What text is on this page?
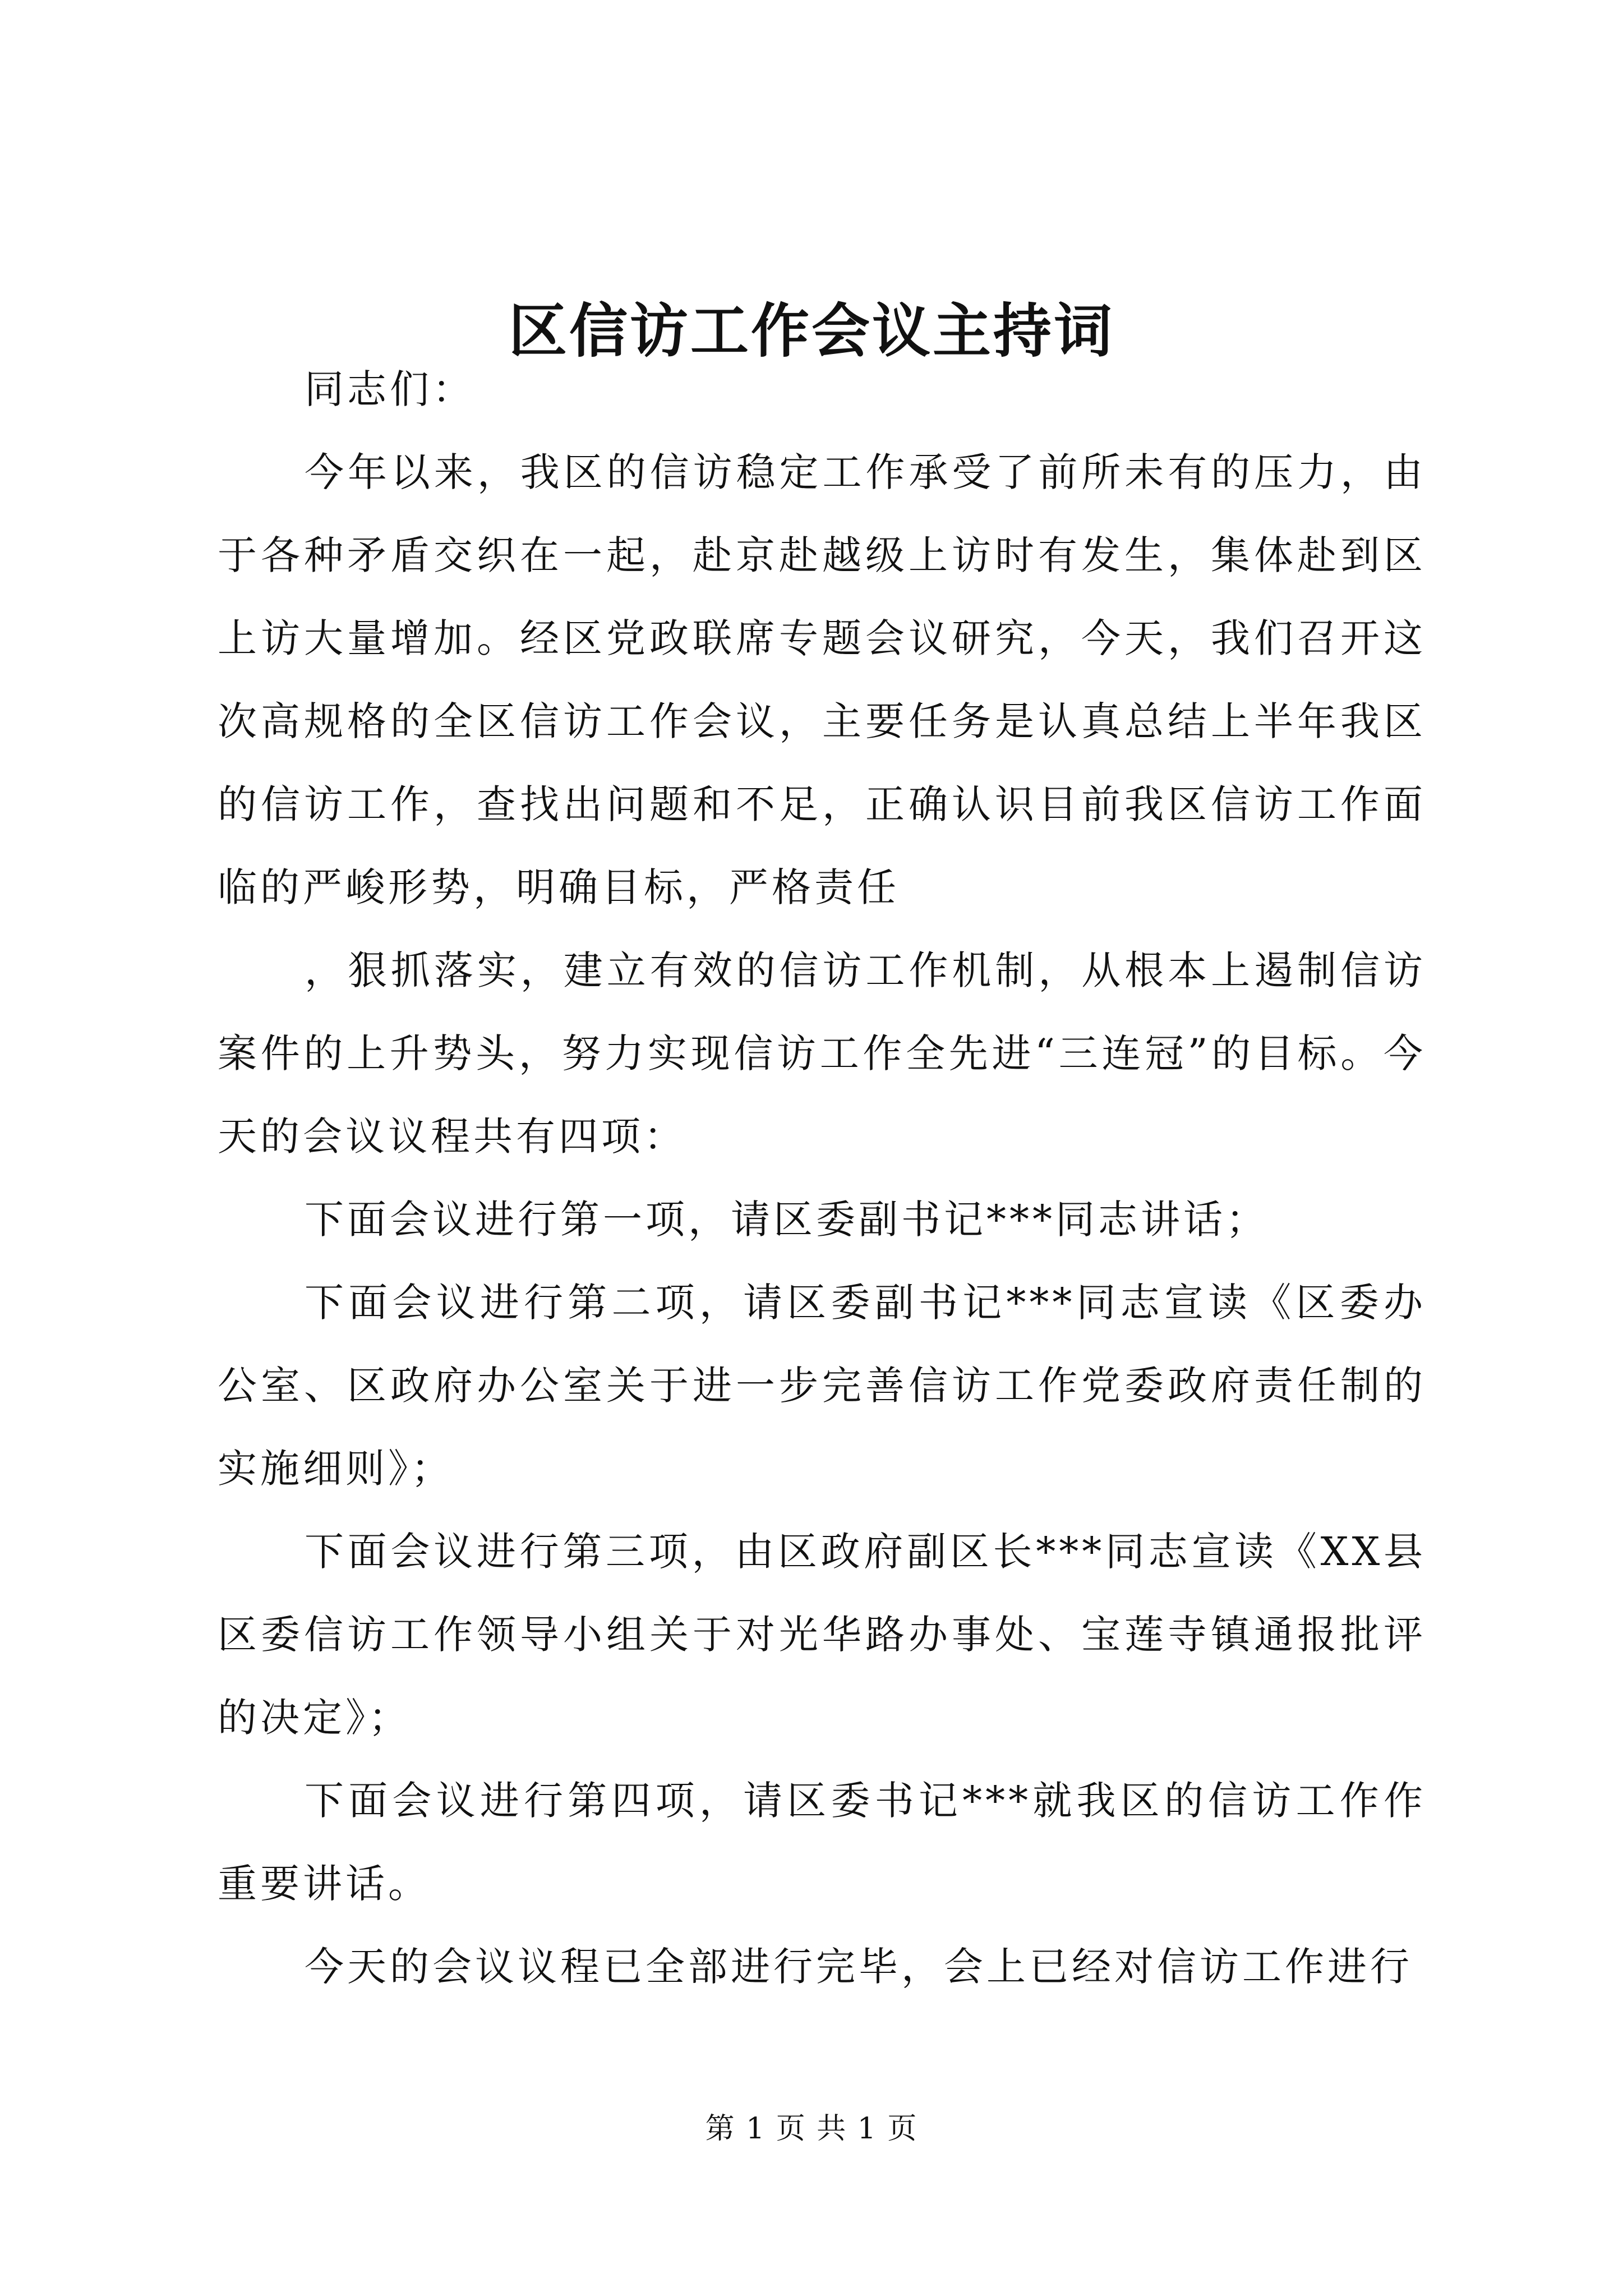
区信访工作会议主持词

同志们：

今年以来，我区的信访稳定工作承受了前所未有的压力，由于各种矛盾交织在一起，赴京赴越级上访时有发生，集体赴到区上访大量增加。经区党政联席专题会议研究，今天，我们召开这次高规格的全区信访工作会议，主要任务是认真总结上半年我区的信访工作，查找出问题和不足，正确认识目前我区信访工作面临的严峻形势，明确目标，严格责任

，狠抓落实，建立有效的信访工作机制，从根本上遏制信访案件的上升势头，努力实现信访工作全先进“三连冠”的目标。今天的会议议程共有四项：

下面会议进行第一项，请区委副书记***同志讲话；

下面会议进行第二项，请区委副书记***同志宣读《区委办公室、区政府办公室关于进一步完善信访工作党委政府责任制的实施细则》；

下面会议进行第三项，由区政府副区长***同志宣读《XX县区委信访工作领导小组关于对光华路办事处、宝莲寺镇通报批评的决定》；

下面会议进行第四项，请区委书记***就我区的信访工作作重要讲话。

今天的会议议程已全部进行完毕，会上已经对信访工作进行

第 1 页 共 1 页
